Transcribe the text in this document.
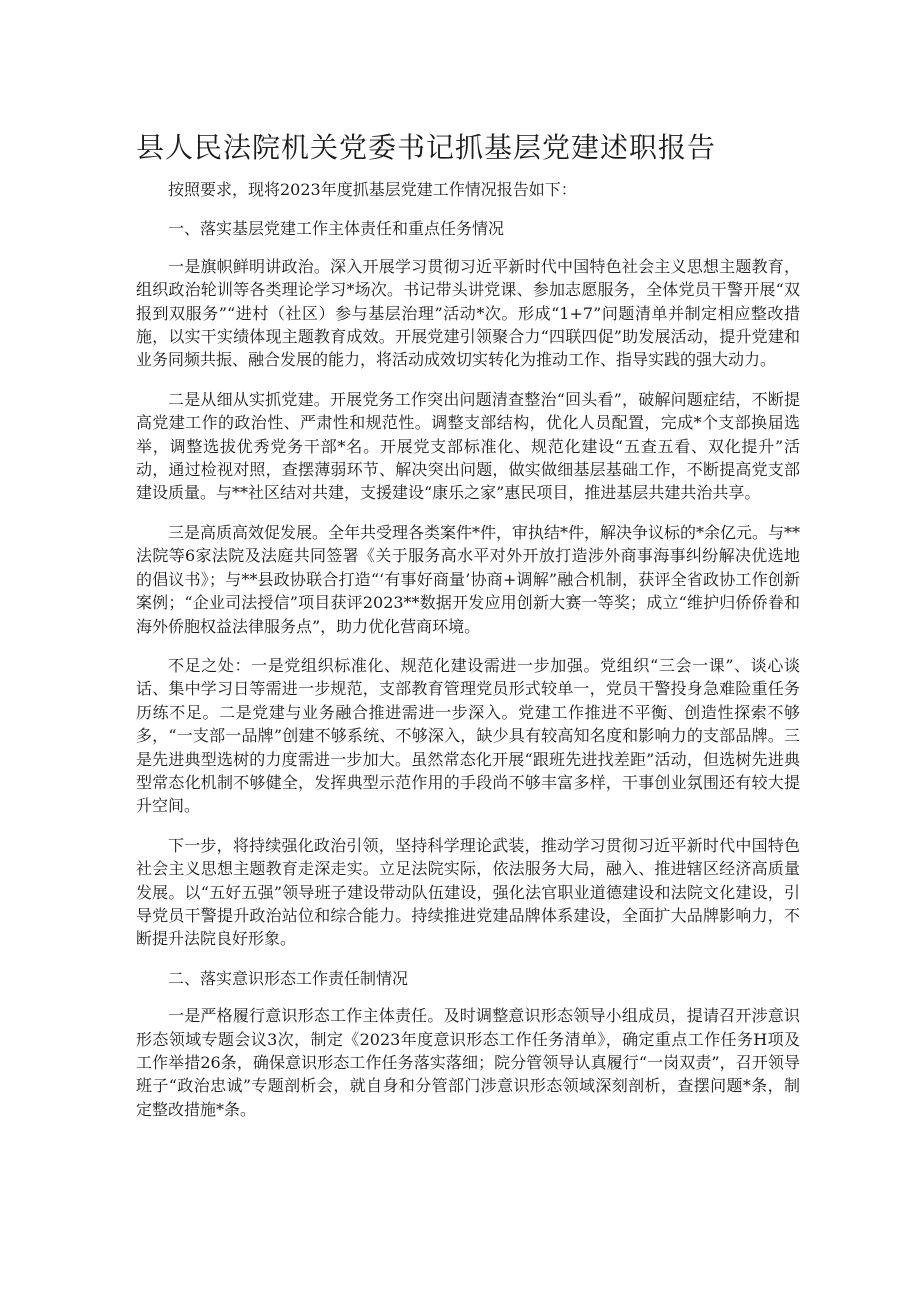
县人民法院机关党委书记抓基层党建述职报告

按照要求，现将2023年度抓基层党建工作情况报告如下：

一、落实基层党建工作主体责任和重点任务情况

一是旗帜鲜明讲政治。深入开展学习贯彻习近平新时代中国特色社会主义思想主题教育，组织政治轮训等各类理论学习*场次。书记带头讲党课、参加志愿服务，全体党员干警开展“双报到双服务”“进村（社区）参与基层治理”活动*次。形成“1+7”问题清单并制定相应整改措施，以实干实绩体现主题教育成效。开展党建引领聚合力“四联四促”助发展活动，提升党建和业务同频共振、融合发展的能力，将活动成效切实转化为推动工作、指导实践的强大动力。

二是从细从实抓党建。开展党务工作突出问题清查整治“回头看”，破解问题症结，不断提高党建工作的政治性、严肃性和规范性。调整支部结构，优化人员配置，完成*个支部换届选举，调整选拔优秀党务干部*名。开展党支部标准化、规范化建设“五查五看、双化提升”活动，通过检视对照，查摆薄弱环节、解决突出问题，做实做细基层基础工作，不断提高党支部建设质量。与**社区结对共建，支援建设“康乐之家”惠民项目，推进基层共建共治共享。

三是高质高效促发展。全年共受理各类案件*件，审执结*件，解决争议标的*余亿元。与**法院等6家法院及法庭共同签署《关于服务高水平对外开放打造涉外商事海事纠纷解决优选地的倡议书》；与**县政协联合打造“‘有事好商量’协商+调解”融合机制，获评全省政协工作创新案例；“企业司法授信”项目获评2023**数据开发应用创新大赛一等奖；成立“维护归侨侨眷和海外侨胞权益法律服务点”，助力优化营商环境。

不足之处：一是党组织标准化、规范化建设需进一步加强。党组织“三会一课”、谈心谈话、集中学习日等需进一步规范，支部教育管理党员形式较单一，党员干警投身急难险重任务历练不足。二是党建与业务融合推进需进一步深入。党建工作推进不平衡、创造性探索不够多，“一支部一品牌”创建不够系统、不够深入，缺少具有较高知名度和影响力的支部品牌。三是先进典型选树的力度需进一步加大。虽然常态化开展“跟班先进找差距”活动，但选树先进典型常态化机制不够健全，发挥典型示范作用的手段尚不够丰富多样，干事创业氛围还有较大提升空间。

下一步，将持续强化政治引领，坚持科学理论武装，推动学习贯彻习近平新时代中国特色社会主义思想主题教育走深走实。立足法院实际，依法服务大局，融入、推进辖区经济高质量发展。以“五好五强”领导班子建设带动队伍建设，强化法官职业道德建设和法院文化建设，引导党员干警提升政治站位和综合能力。持续推进党建品牌体系建设，全面扩大品牌影响力，不断提升法院良好形象。

二、落实意识形态工作责任制情况

一是严格履行意识形态工作主体责任。及时调整意识形态领导小组成员，提请召开涉意识形态领域专题会议3次，制定《2023年度意识形态工作任务清单》，确定重点工作任务H项及工作举措26条，确保意识形态工作任务落实落细；院分管领导认真履行“一岗双责”，召开领导班子“政治忠诚”专题剖析会，就自身和分管部门涉意识形态领域深刻剖析，查摆问题*条，制定整改措施*条。
